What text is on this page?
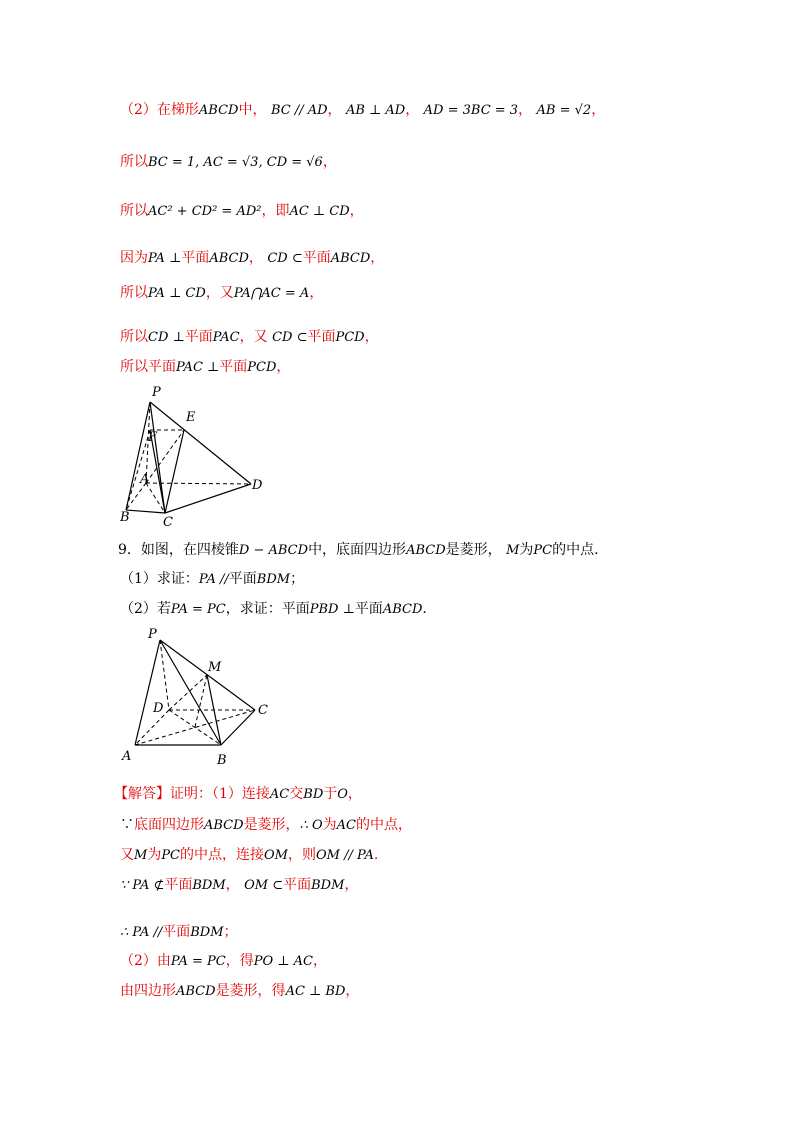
（2）在梯形ABCD中， BC // AD， AB ⊥ AD， AD = 3BC = 3， AB = √2，
所以BC = 1, AC = √3, CD = √6，
所以AC² + CD² = AD²，即AC ⊥ CD，
因为PA ⊥平面ABCD， CD ⊂平面ABCD，
所以PA ⊥ CD，又PA⋂AC = A，
所以CD ⊥平面PAC，又 CD ⊂平面PCD，
所以平面PAC ⊥平面PCD，
P
E
F
A	D
B	C
9．如图，在四棱锥D − ABCD中，底面四边形ABCD是菱形， M为PC的中点.
（1）求证：PA //平面BDM；
（2）若PA = PC，求证：平面PBD ⊥平面ABCD.
P
M
D	C
A	B
【解答】证明：（1）连接AC交BD于O，
∵底面四边形ABCD是菱形，∴ O为AC的中点，
又M为PC的中点，连接OM，则OM // PA.
∵ PA ⊄平面BDM， OM ⊂平面BDM，
∴ PA //平面BDM；
（2）由PA = PC，得PO ⊥ AC，
由四边形ABCD是菱形，得AC ⊥ BD，
